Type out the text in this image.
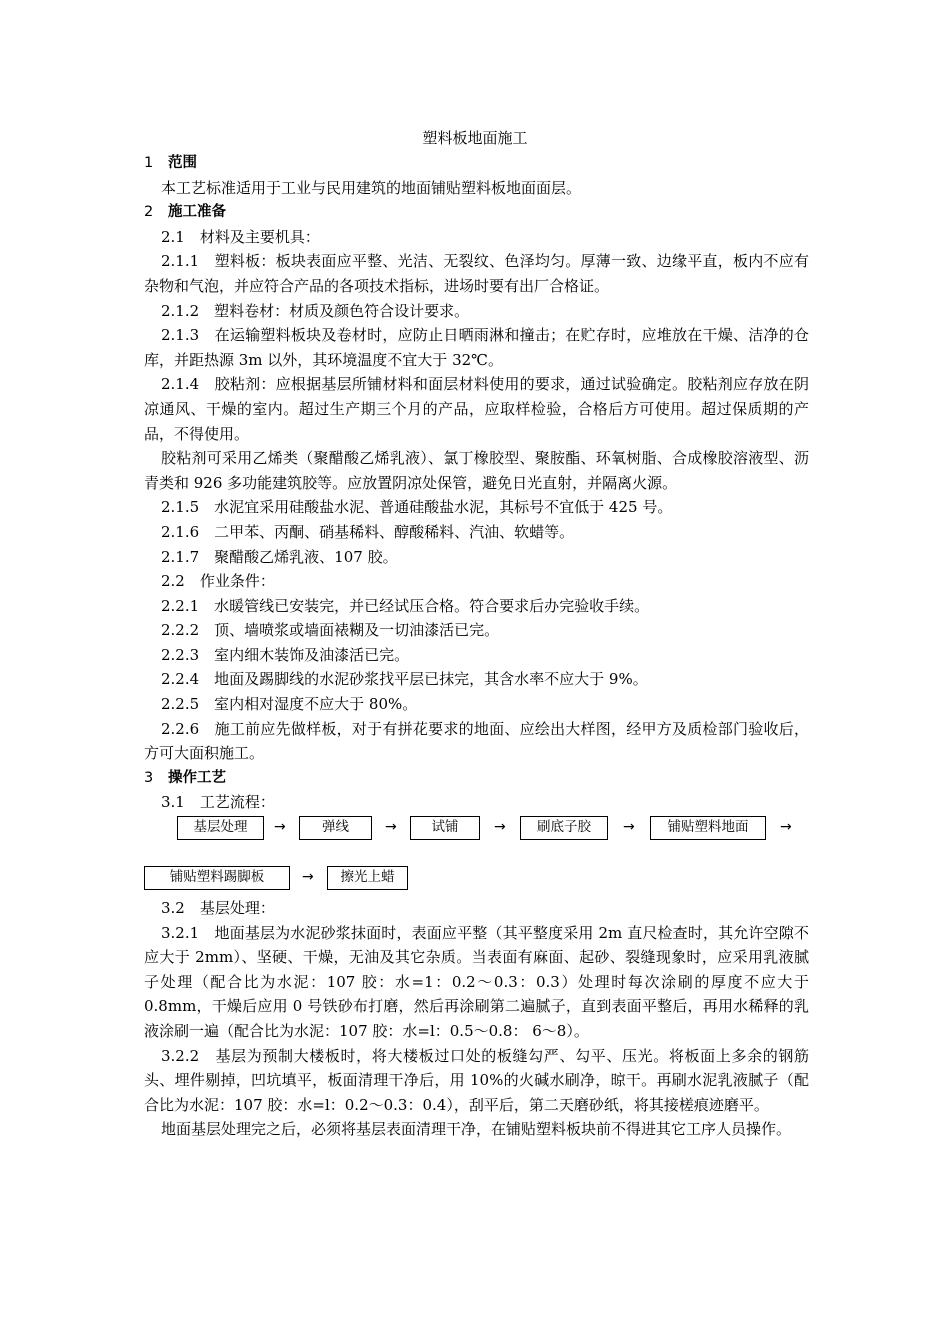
塑料板地面施工

1 范围

本工艺标准适用于工业与民用建筑的地面铺贴塑料板地面面层。

2 施工准备

2.1　材料及主要机具：

2.1.1　塑料板：板块表面应平整、光洁、无裂纹、色泽均匀。厚薄一致、边缘平直，板内不应有杂物和气泡，并应符合产品的各项技术指标，进场时要有出厂合格证。

2.1.2　塑料卷材：材质及颜色符合设计要求。

2.1.3　在运输塑料板块及卷材时，应防止日晒雨淋和撞击；在贮存时，应堆放在干燥、洁净的仓库，并距热源 3m 以外，其环境温度不宜大于 32℃。

2.1.4　胶粘剂：应根据基层所铺材料和面层材料使用的要求，通过试验确定。胶粘剂应存放在阴凉通风、干燥的室内。超过生产期三个月的产品，应取样检验，合格后方可使用。超过保质期的产品，不得使用。

胶粘剂可采用乙烯类（聚醋酸乙烯乳液）、氯丁橡胶型、聚胺酯、环氧树脂、合成橡胶溶液型、沥青类和 926 多功能建筑胶等。应放置阴凉处保管，避免日光直射，并隔离火源。

2.1.5　水泥宜采用硅酸盐水泥、普通硅酸盐水泥，其标号不宜低于 425 号。

2.1.6　二甲苯、丙酮、硝基稀料、醇酸稀料、汽油、软蜡等。

2.1.7　聚醋酸乙烯乳液、107 胶。

2.2　作业条件：

2.2.1　水暖管线已安装完，并已经试压合格。符合要求后办完验收手续。

2.2.2　顶、墙喷浆或墙面裱糊及一切油漆活已完。

2.2.3　室内细木装饰及油漆活已完。

2.2.4　地面及踢脚线的水泥砂浆找平层已抹完，其含水率不应大于 9%。

2.2.5　室内相对湿度不应大于 80%。

2.2.6　施工前应先做样板，对于有拼花要求的地面、应绘出大样图，经甲方及质检部门验收后，方可大面积施工。

3 操作工艺

3.1　工艺流程：

基层处理	→	弹线	→	试铺	→	刷底子胶	→	铺贴塑料地面	→
铺贴塑料踢脚板	→	擦光上蜡

3.2　基层处理：

3.2.1　地面基层为水泥砂浆抹面时，表面应平整（其平整度采用 2m 直尺检查时，其允许空隙不应大于 2mm）、坚硬、干燥，无油及其它杂质。当表面有麻面、起砂、裂缝现象时，应采用乳液腻子处理（配合比为水泥：107 胶：水=1：0.2～0.3：0.3）处理时每次涂刷的厚度不应大于 0.8mm，干燥后应用 0 号铁砂布打磨，然后再涂刷第二遍腻子，直到表面平整后，再用水稀释的乳液涂刷一遍（配合比为水泥：107 胶：水=l：0.5～0.8： 6～8）。

3.2.2　基层为预制大楼板时，将大楼板过口处的板缝勾严、勾平、压光。将板面上多余的钢筋头、埋件剔掉，凹坑填平，板面清理干净后，用 10%的火碱水刷净，晾干。再刷水泥乳液腻子（配合比为水泥：107 胶：水=l：0.2～0.3：0.4），刮平后，第二天磨砂纸，将其接槎痕迹磨平。

地面基层处理完之后，必须将基层表面清理干净，在铺贴塑料板块前不得进其它工序人员操作。
